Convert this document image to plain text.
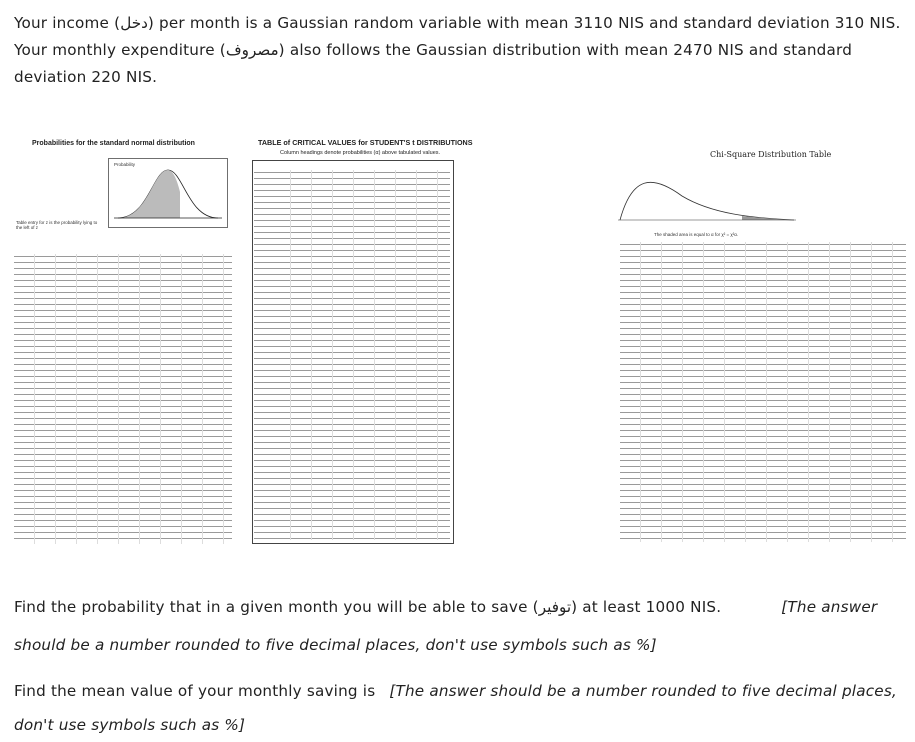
Your income (دخل) per month is a Gaussian random variable with mean 3110 NIS and standard deviation 310 NIS. Your monthly expenditure (مصروف) also follows the Gaussian distribution with mean 2470 NIS and standard deviation 220 NIS.
Probabilities for the standard normal distribution
Probability
Table entry for z is the probability lying to the left of z
TABLE of CRITICAL VALUES for STUDENT'S t DISTRIBUTIONS
Column headings denote probabilities (α) above tabulated values.	Chi-Square Distribution Table
The shaded area is equal to α for χ² = χ²α.
Find the probability that in a given month you will be able to save (توفير) at least 1000 NIS.	[The answer should be a number rounded to five decimal places, don't use symbols such as %]
Find the mean value of your monthly saving is [The answer should be a number rounded to five decimal places, don't use symbols such as %]
